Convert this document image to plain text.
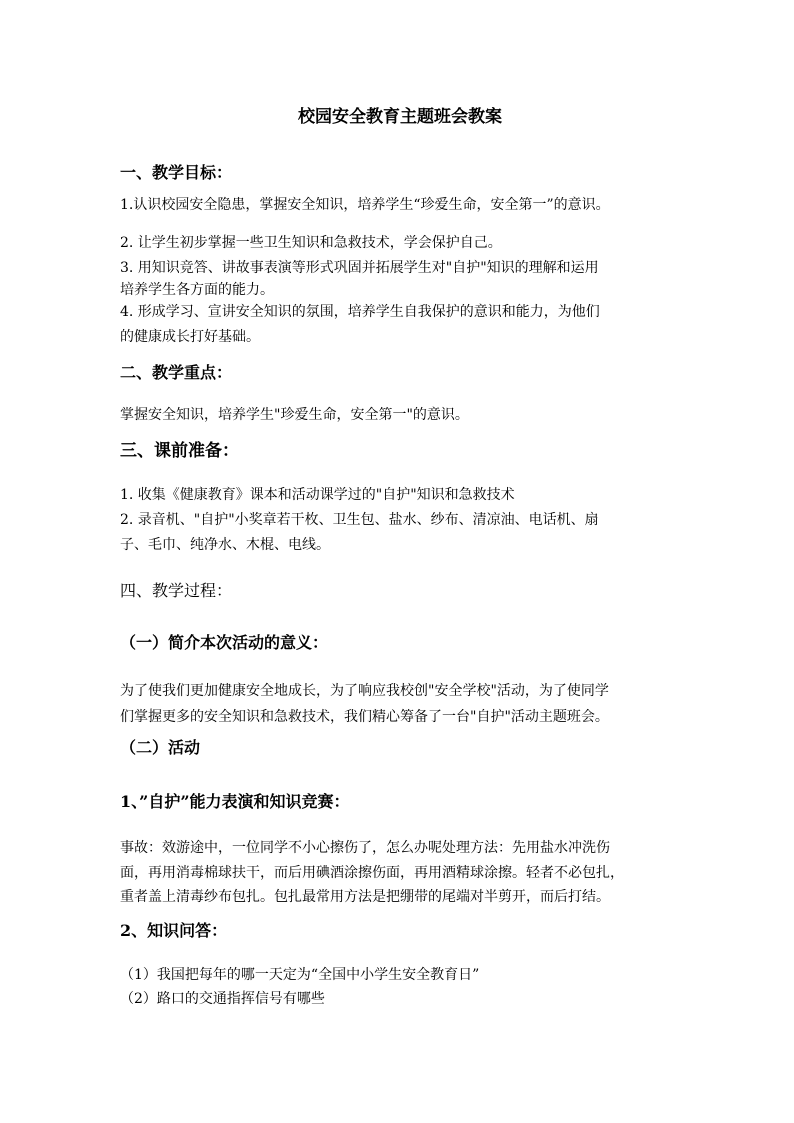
校园安全教育主题班会教案
一、教学目标：
1.认识校园安全隐患，掌握安全知识，培养学生“珍爱生命，安全第一”的意识。
2. 让学生初步掌握一些卫生知识和急救技术，学会保护自己。
3. 用知识竞答、讲故事表演等形式巩固并拓展学生对"自护"知识的理解和运用
培养学生各方面的能力。
4. 形成学习、宣讲安全知识的氛围，培养学生自我保护的意识和能力，为他们
的健康成长打好基础。
二、教学重点：
掌握安全知识，培养学生"珍爱生命，安全第一"的意识。
三、课前准备：
1. 收集《健康教育》课本和活动课学过的"自护"知识和急救技术
2. 录音机、"自护"小奖章若干枚、卫生包、盐水、纱布、清凉油、电话机、扇
子、毛巾、纯净水、木棍、电线。
四、教学过程：
（一）简介本次活动的意义：
为了使我们更加健康安全地成长，为了响应我校创"安全学校"活动，为了使同学
们掌握更多的安全知识和急救技术，我们精心筹备了一台"自护"活动主题班会。
（二）活动
1、”自护”能力表演和知识竞赛：
事故：效游途中，一位同学不小心擦伤了，怎么办呢处理方法：先用盐水冲洗伤
面，再用消毒棉球扶干，而后用碘酒涂擦伤面，再用酒精球涂擦。轻者不必包扎，
重者盖上清毒纱布包扎。包扎最常用方法是把绷带的尾端对半剪开，而后打结。
2、知识问答：
（1）我国把每年的哪一天定为“全国中小学生安全教育日”
（2）路口的交通指挥信号有哪些
